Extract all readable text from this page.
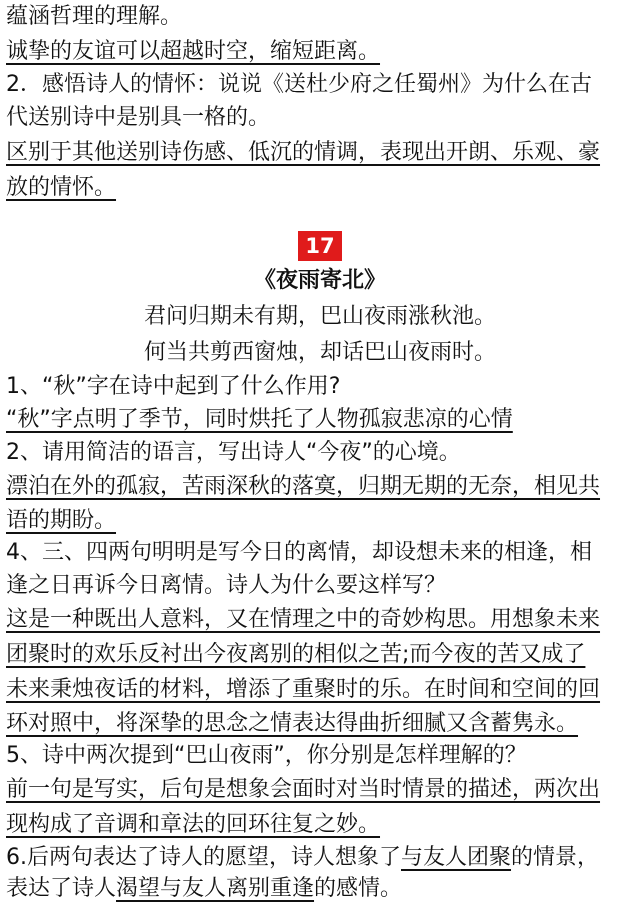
蕴涵哲理的理解。
诚挚的友谊可以超越时空，缩短距离。
2．感悟诗人的情怀：说说《送杜少府之任蜀州》为什么在古
代送别诗中是别具一格的。
区别于其他送别诗伤感、低沉的情调，表现出开朗、乐观、豪
放的情怀。
17
《夜雨寄北》
君问归期未有期，巴山夜雨涨秋池。
何当共剪西窗烛，却话巴山夜雨时。
1、“秋”字在诗中起到了什么作用?
“秋”字点明了季节，同时烘托了人物孤寂悲凉的心情
2、请用简洁的语言，写出诗人“今夜”的心境。
漂泊在外的孤寂，苦雨深秋的落寞，归期无期的无奈，相见共
语的期盼。
4、三、四两句明明是写今日的离情，却设想未来的相逢，相
逢之日再诉今日离情。诗人为什么要这样写？
这是一种既出人意料，又在情理之中的奇妙构思。用想象未来
团聚时的欢乐反衬出今夜离别的相似之苦;而今夜的苦又成了
未来秉烛夜话的材料，增添了重聚时的乐。在时间和空间的回
环对照中，将深挚的思念之情表达得曲折细腻又含蓄隽永。
5、诗中两次提到“巴山夜雨”，你分别是怎样理解的？
前一句是写实，后句是想象会面时对当时情景的描述，两次出
现构成了音调和章法的回环往复之妙。
6.后两句表达了诗人的愿望，诗人想象了与友人团聚的情景，
表达了诗人渴望与友人离别重逢的感情。
